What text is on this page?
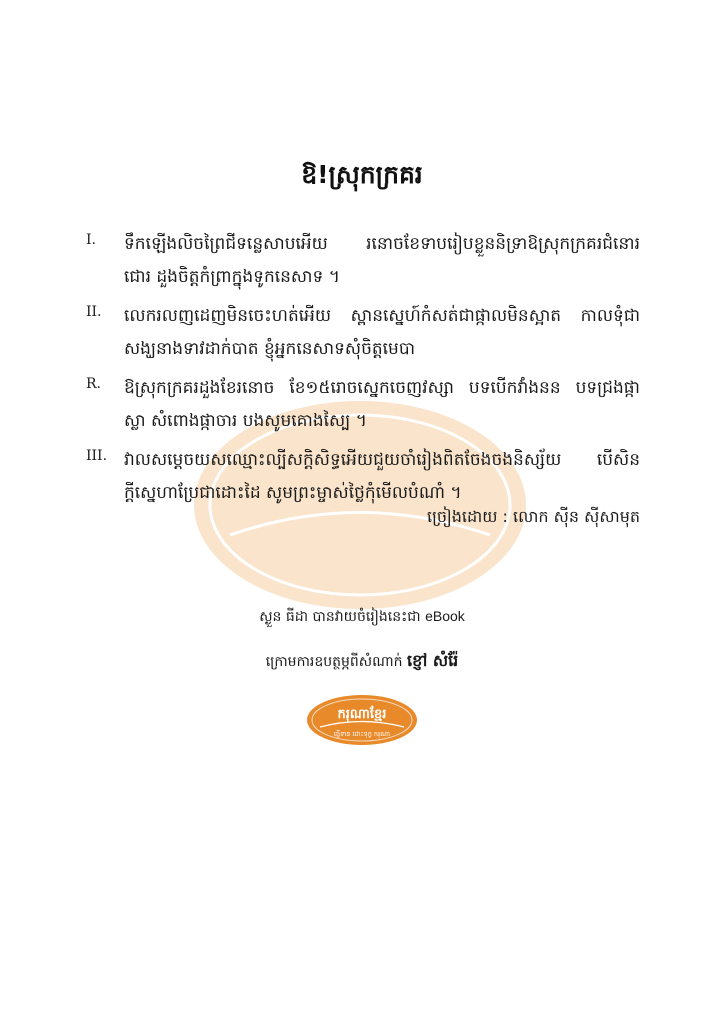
ឱ!ស្រុកក្រគរ
I. ទឹកឡើងលិចព្រៃជីទន្លេសាបអើយ រនោចខែទាបរៀបខ្លួននិទ្រាឱស្រុកក្រគរជំនោរ
ជោរ ដួងចិត្តកំព្រាក្នុងទូកនេសាទ ។
II. លេករលញដេញមិនចេះហត់អើយ ស្ពានស្នេហ៍កំសត់ជាផ្កាលមិនស្អាត កាលទុំជា
សង្ឃនាងទាវដាក់បាត ខ្ញុំអ្នកនេសាទសុំចិត្តមេបា
R. ឱស្រុកក្រគរដួងខែរនោច ខែ១៥រោចស្នេកចេញវស្សា បទបើកវាំងនន បទជ្រងផ្កា
ស្លា សំពោងផ្កាចារ បងសូមគោងស្បៃ ។
III. វាលសម្ដេចយសឈ្មោះល្បីសក្តិសិទ្ធអើយជួយចាំរៀងពិតចែងចងនិស្ស័យ បើសិន
ក្តីស្នេហាប្រែជាដោះដៃ សូមព្រះម្ចាស់ថ្លៃកុំមើលបំណាំ ។
ច្រៀងដោយ : លោក ស៊ីន ស៊ីសាមុត
ស្ងួន ធីដា បានវាយចំរៀងនេះជា eBook
ក្រោមការឧបត្ថម្ភពីសំណាក់ ខ្ញៅ សំរ៉ែ
ករុណាខ្មែរ
ធ្វើទាន ដោះទុក្ខ ករុណា
